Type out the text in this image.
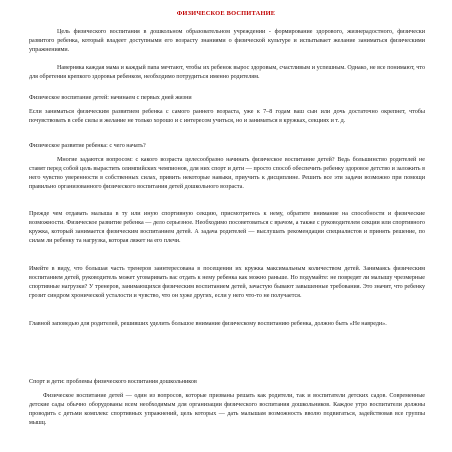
ФИЗИЧЕСКОЕ ВОСПИТАНИЕ

Цель физического воспитания в дошкольном образовательном учреждении - формирование здорового, жизнерадостного, физически развитого ребенка, который владеет доступными его возрасту знаниями о физической культуре и испытывает желание заниматься физическими упражнениями.

Наверняка каждая мама и каждый папа мечтают, чтобы их ребенок вырос здоровым, счастливым и успешным. Однако, не все понимают, что для обретения крепкого здоровья ребенком, необходимо потрудиться именно родителям.

Физическое воспитание детей: начинаем с первых дней жизни

Если заниматься физическим развитием ребенка с самого раннего возраста, уже к 7–8 годам ваш сын или дочь достаточно окрепнет, чтобы почувствовать в себе силы и желание не только хорошо и с интересом учиться, но и заниматься в кружках, секциях и т. д.

Физическое развитие ребенка: с чего начать?

Многие задаются вопросом: с какого возраста целесообразно начинать физическое воспитание детей? Ведь большинство родителей не ставят перед собой цель вырастить олимпийских чемпионов, для них спорт и дети — просто способ обеспечить ребенку здоровое детство и заложить в него чувство уверенности в собственных силах, привить некоторые навыки, приучить к дисциплине. Решить все эти задачи возможно при помощи правильно организованного физического воспитания детей дошкольного возраста.

Прежде чем отдавать малыша в ту или иную спортивную секцию, присмотритесь к нему, обратите внимание на способности и физические возможности. Физическое развитие ребенка — дело серьезное. Необходимо посоветоваться с врачом, а также с руководителем секции или спортивного кружка, который занимается физическим воспитанием детей. А задача родителей — выслушать рекомендации специалистов и принять решение, по силам ли ребенку та нагрузка, которая ляжет на его плечи.

Имейте в виду, что большая часть тренеров заинтересована в посещении их кружка максимальным количеством детей. Занимаясь физическим воспитанием детей, руководитель может уговаривать вас отдать к нему ребенка как можно раньше. Но подумайте: не повредят ли малышу чрезмерные спортивные нагрузки? У тренеров, занимающихся физическим воспитанием детей, зачастую бывают завышенные требования. Это значит, что ребенку грозит синдром хронической усталости и чувство, что он хуже других, если у него что-то не получается.

Главной заповедью для родителей, решивших уделить большое внимание физическому воспитанию ребенка, должно быть «Не навреди».

Спорт и дети: проблемы физического воспитания дошкольников

Физическое воспитание детей — один из вопросов, которые призваны решать как родители, так и воспитатели детских садов. Современные детские сады обычно оборудованы всем необходимым для организации физического воспитания дошкольников. Каждое утро воспитатели должны проводить с детьми комплекс спортивных упражнений, цель которых — дать малышам возможность вволю подвигаться, задействовав все группы мышц.
